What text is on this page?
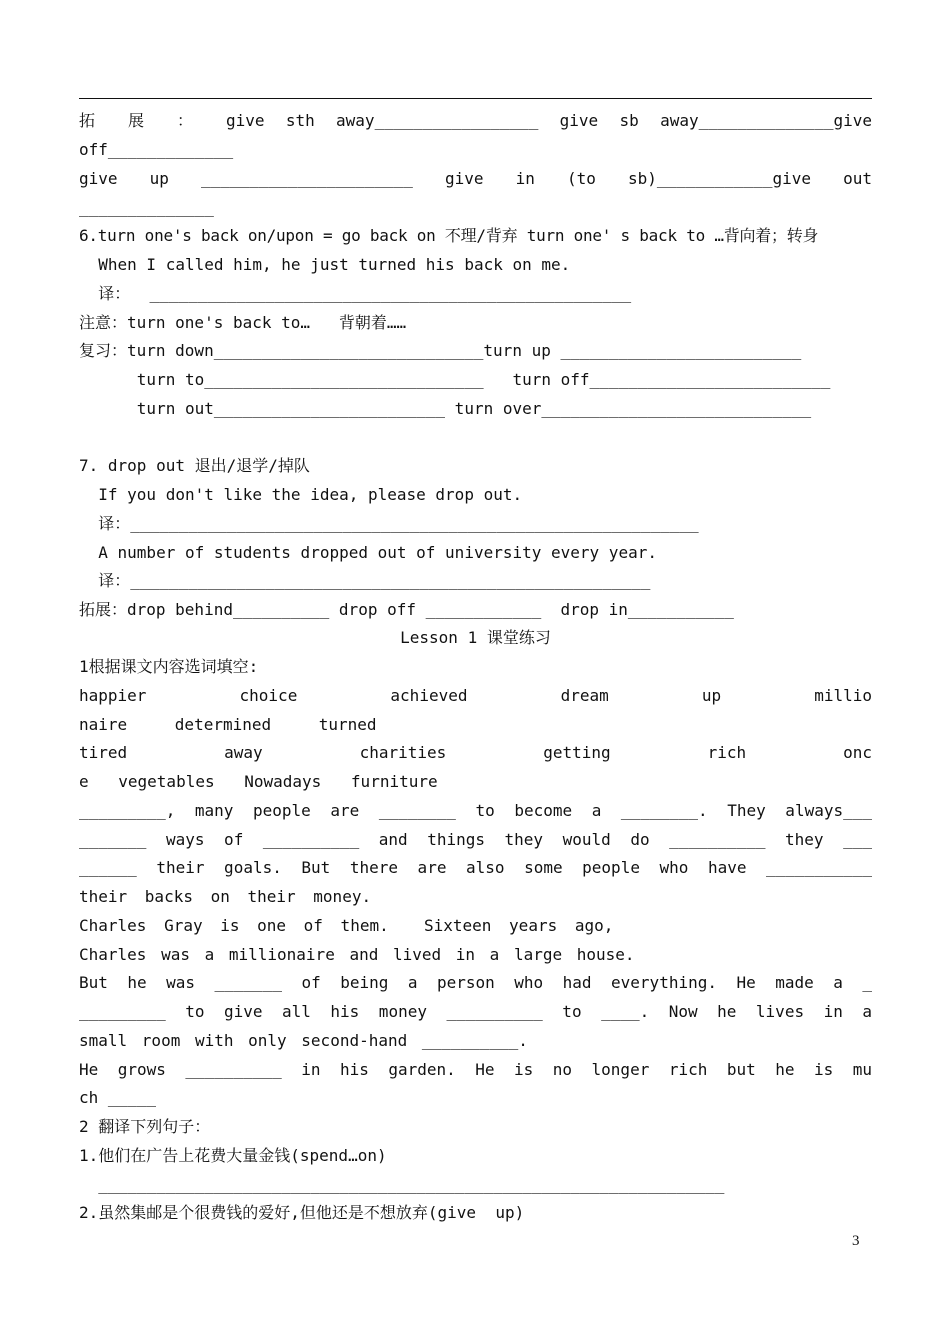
拓 展 ： give sth away_________________ give sb away______________give
off_____________
give up ______________________ give in (to sb)____________give out
______________
6.turn one's back on/upon = go back on 不理/背弃 turn one' s back to …背向着；转身
When I called him, he just turned his back on me.
译：  __________________________________________________
注意：turn one's back to…   背朝着……
复习：turn down____________________________turn up _________________________
turn to_____________________________   turn off_________________________
turn out________________________ turn over____________________________
7. drop out 退出/退学/掉队
If you don't like the idea, please drop out.
译：___________________________________________________________
A number of students dropped out of university every year.
译：______________________________________________________
拓展：drop behind__________ drop off ____________  drop in___________
Lesson 1 课堂练习
1根据课文内容选词填空:
happier choice achieved dream up millio
naire determined turned
tired away charities getting rich onc
e vegetables Nowadays furniture
_________, many people are ________ to become a ________. They always___
_______ ways of __________ and things they would do __________ they ___
______ their goals. But there are also some people who have ___________
their backs on their money.
Charles Gray is one of them.  Sixteen years ago,
Charles was a millionaire and lived in a large house.
But he was _______ of being a person who had everything. He made a _
_________ to give all his money __________ to ____. Now he lives in a
small room with only second-hand __________.
He grows __________ in his garden. He is no longer rich but he is mu
ch _____
2 翻译下列句子：
1.他们在广告上花费大量金钱(spend…on)
_________________________________________________________________
2.虽然集邮是个很费钱的爱好,但他还是不想放弃(give  up)
3
